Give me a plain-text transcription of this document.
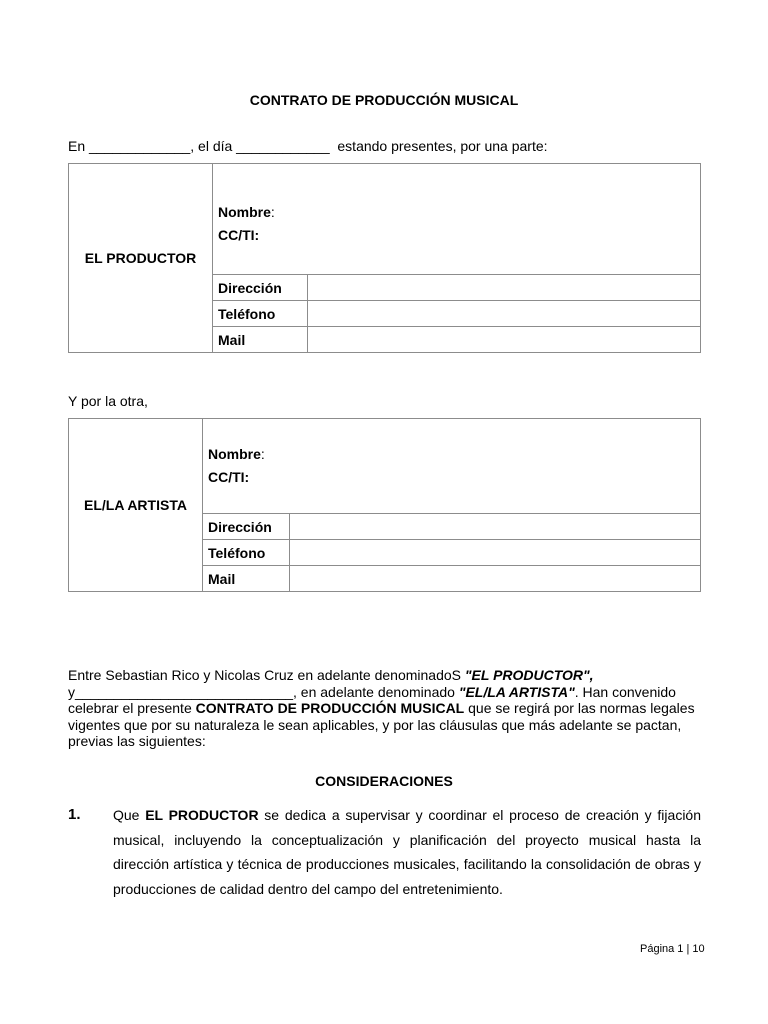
CONTRATO DE PRODUCCIÓN MUSICAL
En _____________, el día ____________  estando presentes, por una parte:
EL PRODUCTOR	Nombre:
CC/TI:	

	Dirección	
	Teléfono	
	Mail	
Y por la otra,
EL/LA ARTISTA	Nombre:
CC/TI:	

	Dirección	
	Teléfono	
	Mail	
Entre Sebastian Rico y Nicolas Cruz en adelante denominadoS "EL PRODUCTOR",
y____________________________, en adelante denominado "EL/LA ARTISTA". Han convenido celebrar el presente CONTRATO DE PRODUCCIÓN MUSICAL que se regirá por las normas legales vigentes que por su naturaleza le sean aplicables, y por las cláusulas que más adelante se pactan, previas las siguientes:
CONSIDERACIONES
1. Que EL PRODUCTOR se dedica a supervisar y coordinar el proceso de creación y fijación musical, incluyendo la conceptualización y planificación del proyecto musical hasta la dirección artística y técnica de producciones musicales, facilitando la consolidación de obras y producciones de calidad dentro del campo del entretenimiento.
Página 1 | 10
